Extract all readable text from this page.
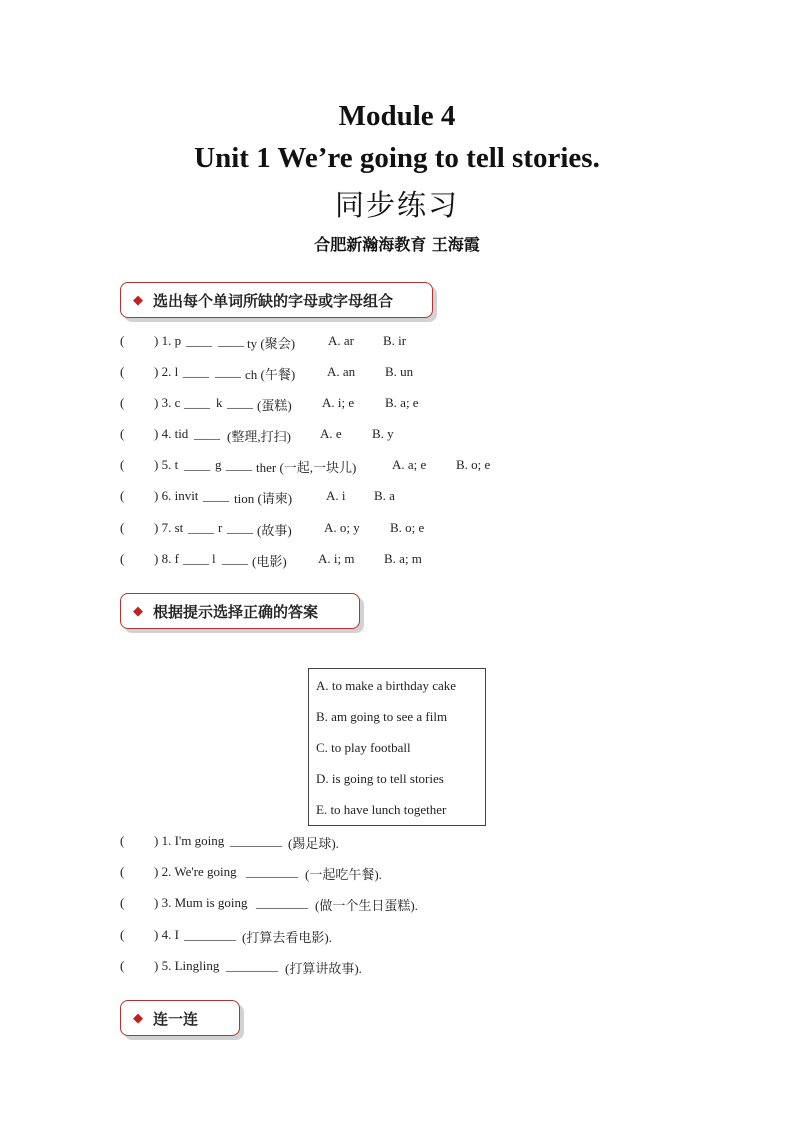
Module 4
Unit 1 We’re going to tell stories.
同步练习
合肥新瀚海教育 王海霞
◆ 选出每个单词所缺的字母或字母组合
( ) 1. p ____ ____ ty (聚会)	A. ar B. ir
( ) 2. l ____ ____ ch (午餐) A. an B. un
( ) 3. c ____ k ____ (蛋糕) A. i; e B. a; e
( ) 4. tid ____ (整理,打扫) A. e B. y
( ) 5. t ____ g ____ ther (一起,一块儿)	A. a; e B. o; e
( ) 6. invit ____ tion (请柬)	A. i B. a
( ) 7. st ____ r ____ (故事) A. o; y B. o; e
( ) 8. f ____ l ____ (电影) A. i; m B. a; m
◆ 根据提示选择正确的答案
A. to make a birthday cake
B. am going to see a film
C. to play football
D. is going to tell stories
E. to have lunch together
( ) 1. I'm going ________ (踢足球).
( ) 2. We're going ________ (一起吃午餐).
( ) 3. Mum is going ________ (做一个生日蛋糕).
( ) 4. I ________ (打算去看电影).
( ) 5. Lingling ________ (打算讲故事).
◆ 连一连
